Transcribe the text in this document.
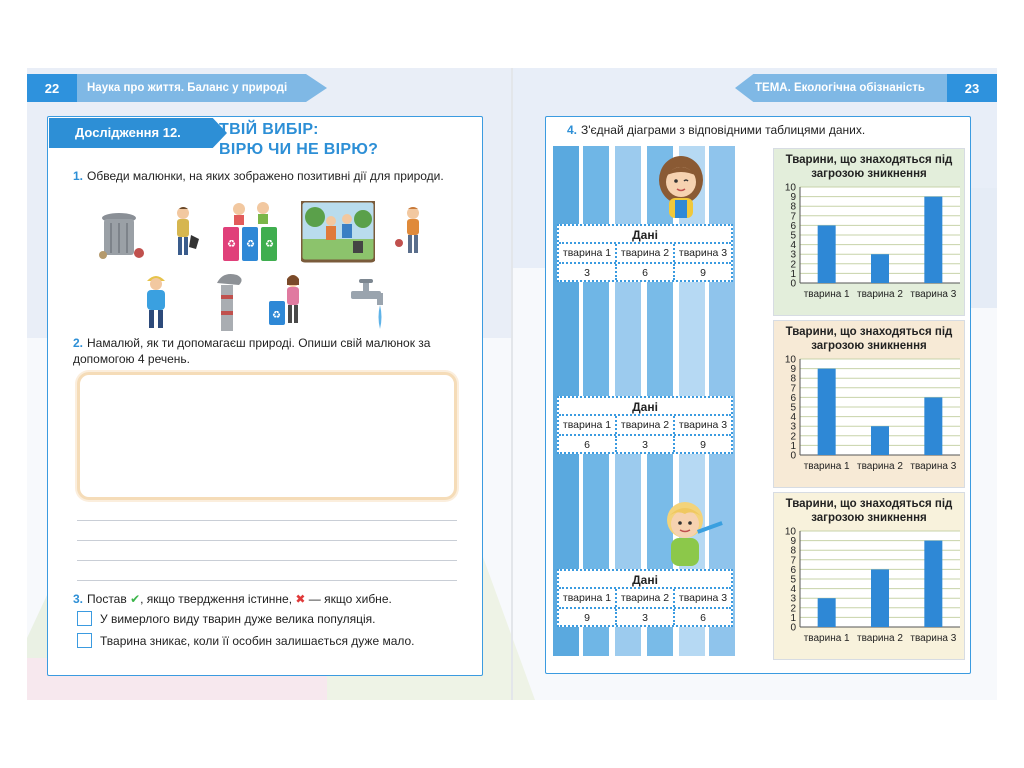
22	Наука про життя. Баланс у природі	ТЕМА. Екологічна обізнаність	23
Дослідження 12. ТВІЙ ВИБІР:
ВІРЮ ЧИ НЕ ВІРЮ?
1. Обведи малюнки, на яких зображено позитивні дії для природи.
♻ ♻ ♻
♻
2. Намалюй, як ти допомагаєш природі. Опиши свій малюнок за допомогою 4 речень.
3. Постав ✔, якщо твердження істинне, ✖ — якщо хибне.
У вимерлого виду тварин дуже велика популяція.
Тварина зникає, коли її особин залишається дуже мало.
4. З'єднай діаграми з відповідними таблицями даних.
Дані
тварина 1 тварина 2 тварина 3
3	6	9
Дані
тварина 1 тварина 2 тварина 3
6	3	9
Дані
тварина 1 тварина 2 тварина 3
9	3	6
Тварини, що знаходяться під загрозою зникнення
0
1
2
3
4
5
6
7
8
9
10
тварина 1 тварина 2 тварина 3
Тварини, що знаходяться під загрозою зникнення
0
1
2
3
4
5
6
7
8
9
10
тварина 1 тварина 2 тварина 3
Тварини, що знаходяться під загрозою зникнення
0
1
2
3
4
5
6
7
8
9
10
тварина 1 тварина 2 тварина 3
